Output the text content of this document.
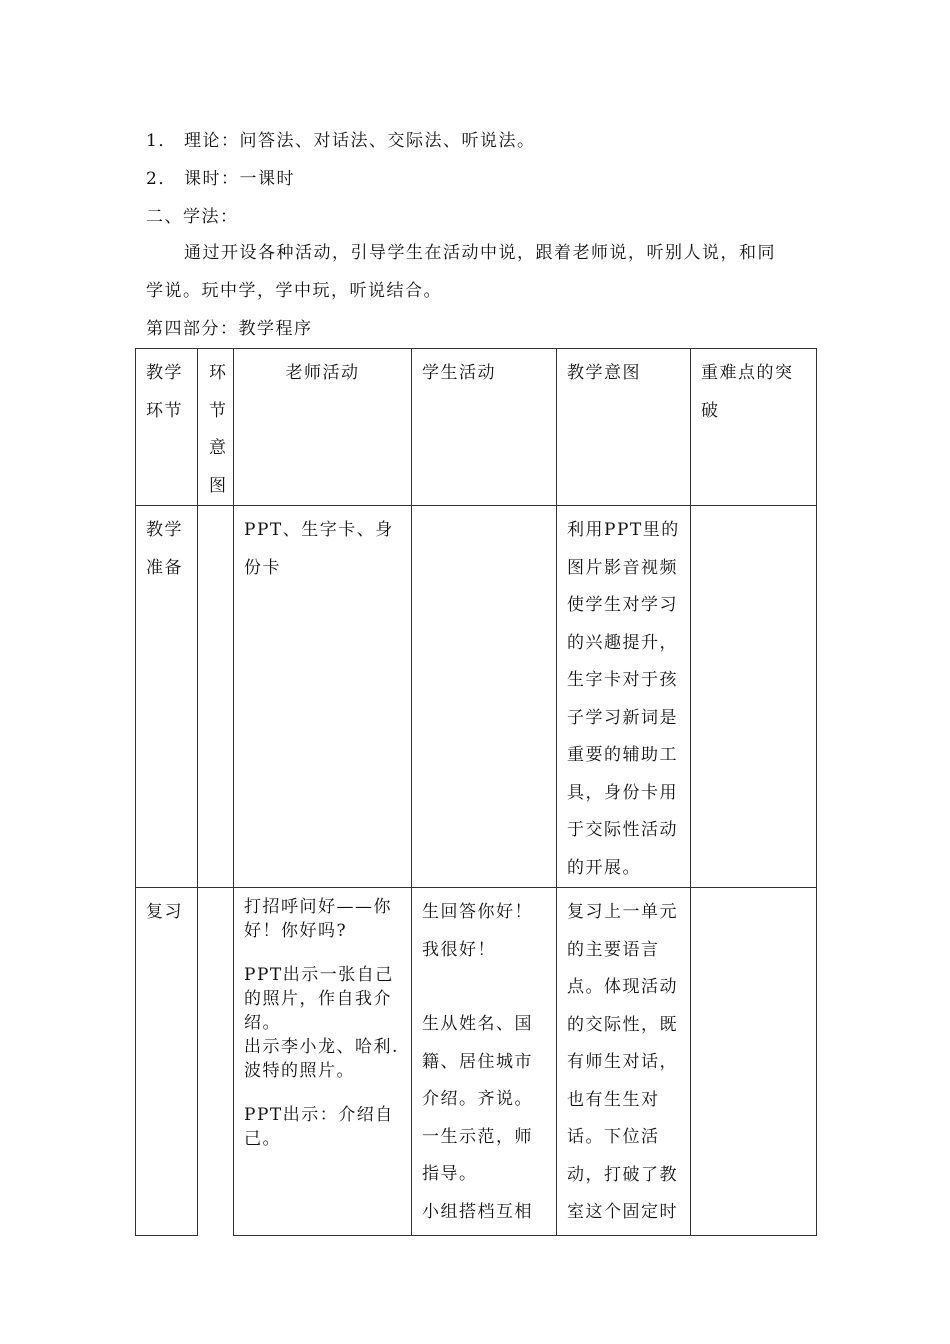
1． 理论：问答法、对话法、交际法、听说法。

2． 课时：一课时

二、学法：

通过开设各种活动，引导学生在活动中说，跟着老师说，听别人说，和同

学说。玩中学，学中玩，听说结合。

第四部分：教学程序

教学环节	环节意图	老师活动	学生活动	教学意图	重难点的突破
教学准备		PPT、生字卡、身份卡		利用PPT里的图片影音视频使学生对学习的兴趣提升，生字卡对于孩子学习新词是重要的辅助工具，身份卡用于交际性活动的开展。	
复习		打招呼问好——你好！你好吗?
PPT出示一张自己的照片，作自我介绍。
出示李小龙、哈利.波特的照片。
PPT出示：介绍自己。	生回答你好！我很好！
生从姓名、国籍、居住城市介绍。齐说。
一生示范，师指导。
小组搭档互相	复习上一单元的主要语言点。体现活动的交际性，既有师生对话，也有生生对话。下位活动，打破了教室这个固定时	
